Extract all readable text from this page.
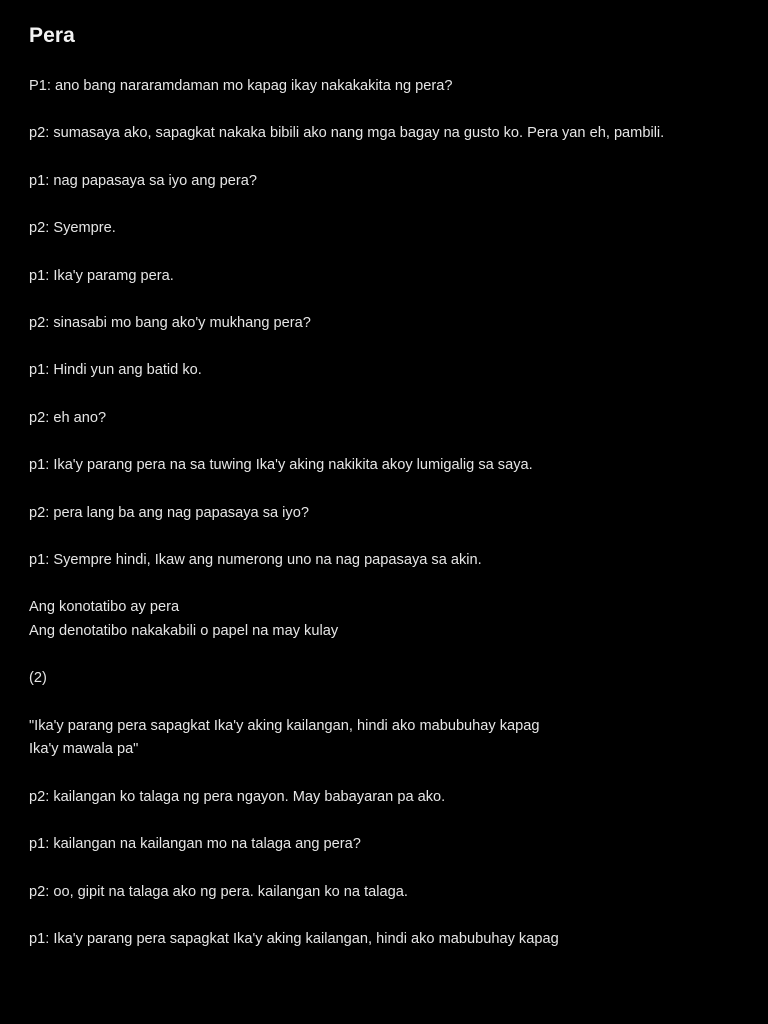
Pera

P1: ano bang nararamdaman mo kapag ikay nakakakita ng pera?

p2: sumasaya ako, sapagkat nakaka bibili ako nang mga bagay na gusto ko. Pera yan eh, pambili.

p1: nag papasaya sa iyo ang pera?

p2: Syempre.

p1: Ika'y paramg pera.

p2: sinasabi mo bang ako'y mukhang pera?

p1: Hindi yun ang batid ko.

p2: eh ano?

p1: Ika'y parang pera na sa tuwing Ika'y aking nakikita akoy lumigalig sa saya.

p2: pera lang ba ang nag papasaya sa iyo?

p1: Syempre hindi, Ikaw ang numerong uno na nag papasaya sa akin.

Ang konotatibo ay pera

Ang denotatibo nakakabili o papel na may kulay

(2)

"Ika'y parang pera sapagkat Ika'y aking kailangan, hindi ako mabubuhay kapag

Ika'y mawala pa"

p2: kailangan ko talaga ng pera ngayon. May babayaran pa ako.

p1: kailangan na kailangan mo na talaga ang pera?

p2: oo, gipit na talaga ako ng pera. kailangan ko na talaga.

p1: Ika'y parang pera sapagkat Ika'y aking kailangan, hindi ako mabubuhay kapag
